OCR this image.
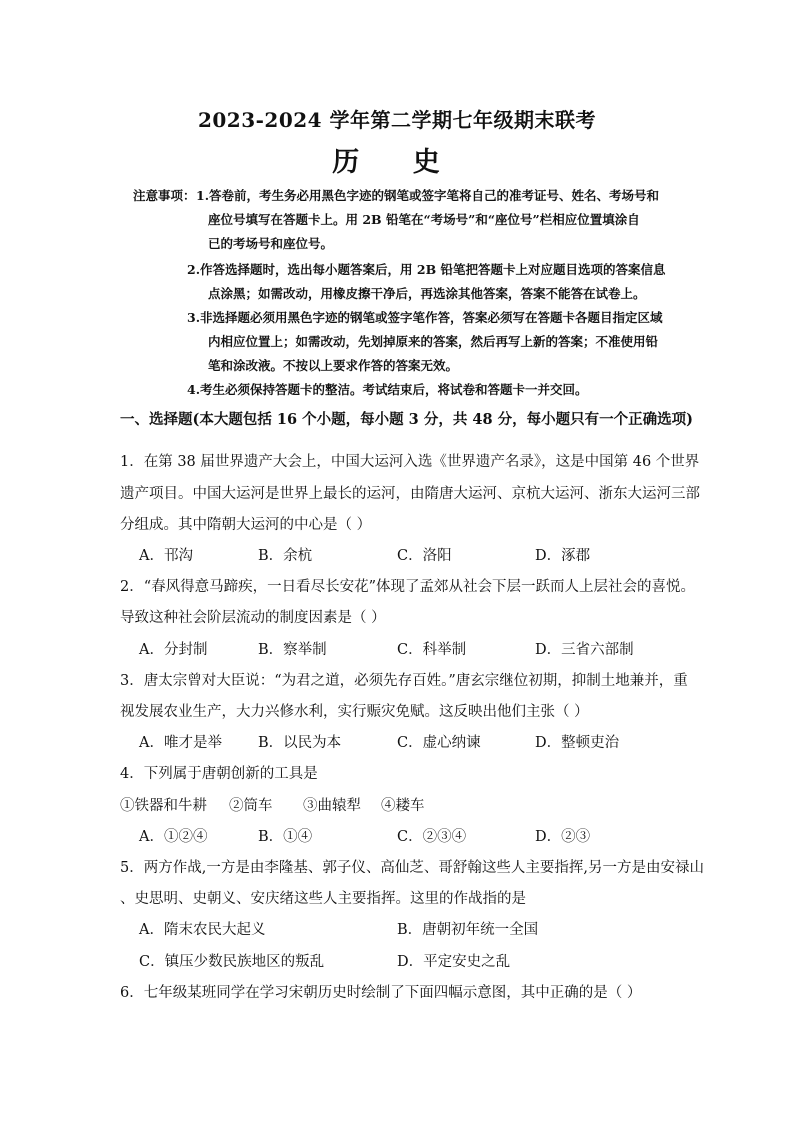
2023-2024 学年第二学期七年级期末联考
历 史
注意事项： 1.答卷前，考生务必用黑色字迹的钢笔或签字笔将自己的准考证号、姓名、考场号和
座位号填写在答题卡上。用 2B 铅笔在“考场号”和“座位号”栏相应位置填涂自
已的考场号和座位号。
2.作答选择题时，选出每小题答案后，用 2B 铅笔把答题卡上对应题目选项的答案信息
点涂黑；如需改动，用橡皮擦干净后，再选涂其他答案，答案不能答在试卷上。
3.非选择题必须用黑色字迹的钢笔或签字笔作答，答案必须写在答题卡各题目指定区域
内相应位置上；如需改动，先划掉原来的答案，然后再写上新的答案；不准使用铅
笔和涂改液。不按以上要求作答的答案无效。
4.考生必须保持答题卡的整洁。考试结束后，将试卷和答题卡一并交回。
一、选择题(本大题包括 16 个小题，每小题 3 分，共 48 分，每小题只有一个正确选项)
1．在第 38 届世界遗产大会上，中国大运河入选《世界遗产名录》，这是中国第 46 个世界
遗产项目。中国大运河是世界上最长的运河，由隋唐大运河、京杭大运河、浙东大运河三部
分组成。其中隋朝大运河的中心是（ ）
A．邗沟	B．余杭	C．洛阳	D．涿郡
2．“春风得意马蹄疾，一日看尽长安花”体现了孟郊从社会下层一跃而人上层社会的喜悦。
导致这种社会阶层流动的制度因素是（ ）
A．分封制	B．察举制	C．科举制	D．三省六部制
3．唐太宗曾对大臣说：“为君之道，必须先存百姓。”唐玄宗继位初期，抑制土地兼并，重
视发展农业生产，大力兴修水利，实行赈灾免赋。这反映出他们主张（ ）
A．唯才是举 B．以民为本	C．虚心纳谏	D．整顿吏治
4．下列属于唐朝创新的工具是
①铁器和牛耕 ②筒车 ③曲辕犁 ④耧车
A．①②④	B．①④	C．②③④	D．②③
5．两方作战,一方是由李隆基、郭子仪、高仙芝、哥舒翰这些人主要指挥,另一方是由安禄山
、史思明、史朝义、安庆绪这些人主要指挥。这里的作战指的是
A．隋末农民大起义	B．唐朝初年统一全国
C．镇压少数民族地区的叛乱	D．平定安史之乱
6．七年级某班同学在学习宋朝历史时绘制了下面四幅示意图，其中正确的是（ ）
